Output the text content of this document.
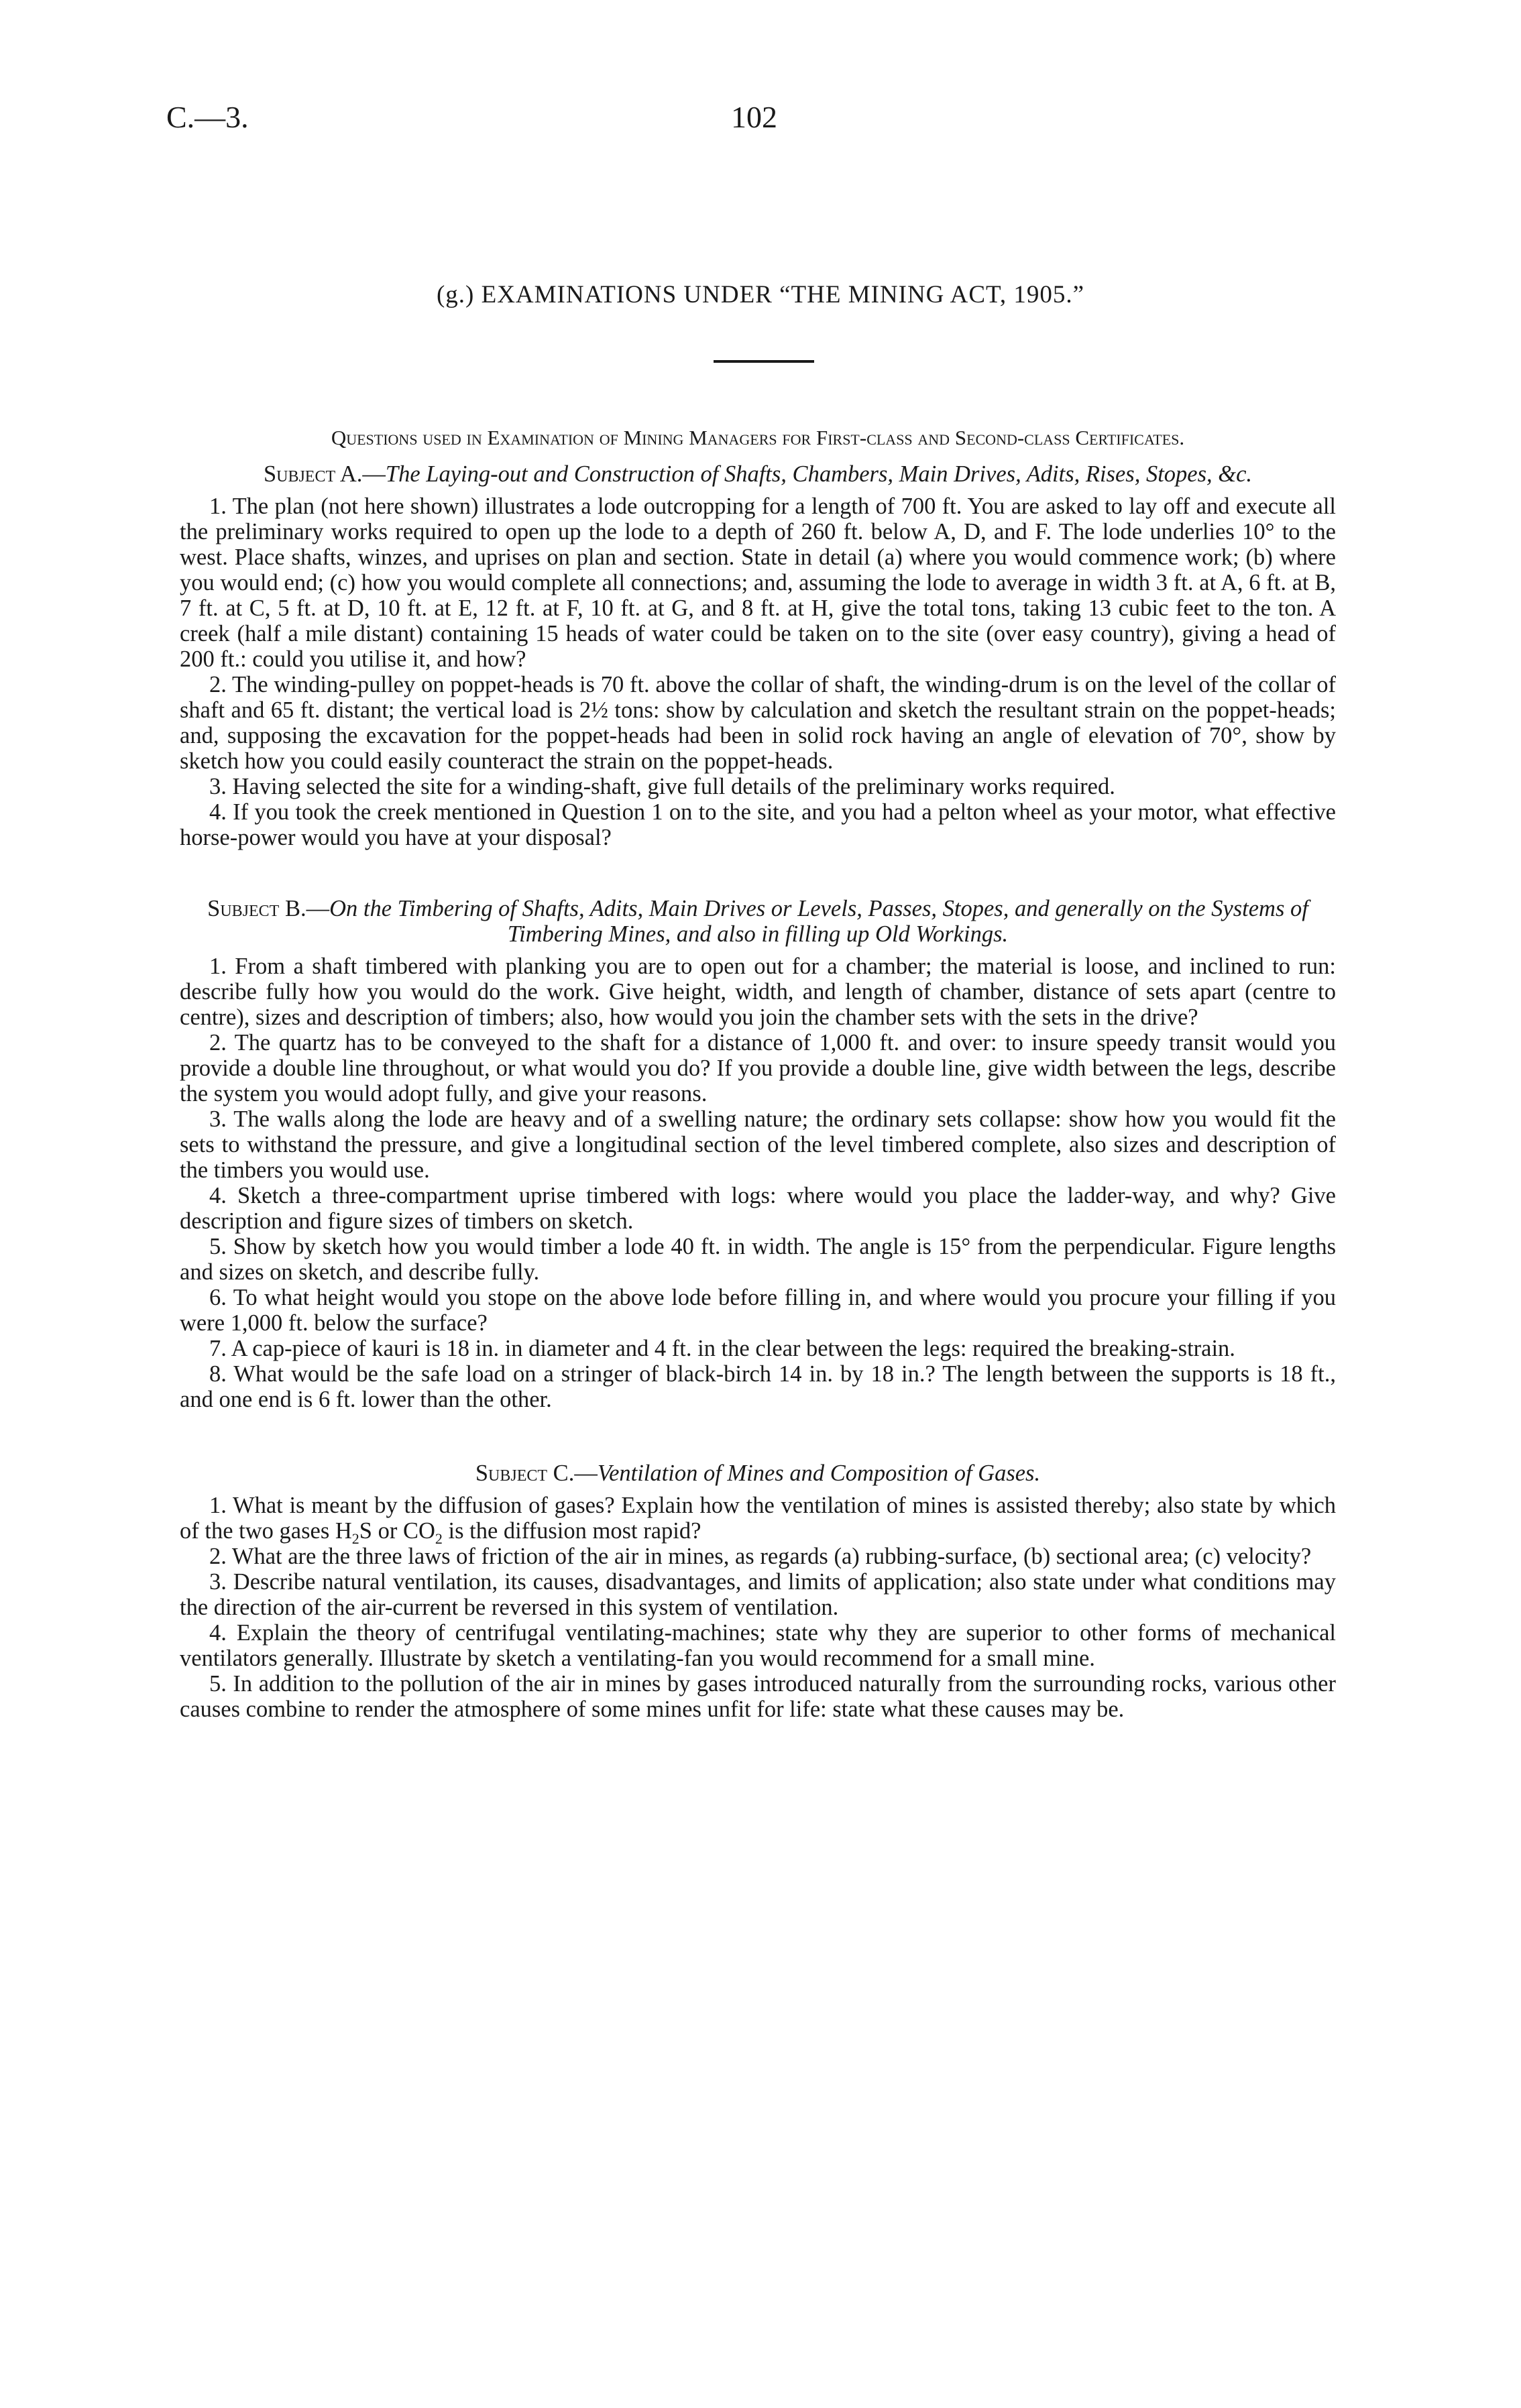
C.—3.	102
(g.) EXAMINATIONS UNDER “THE MINING ACT, 1905.”
Questions used in Examination of Mining Managers for First-class and Second-class Certificates.
Subject A.—The Laying-out and Construction of Shafts, Chambers, Main Drives, Adits, Rises, Stopes, &c.

1. The plan (not here shown) illustrates a lode outcropping for a length of 700 ft. You are asked to lay off and execute all the preliminary works required to open up the lode to a depth of 260 ft. below A, D, and F. The lode underlies 10° to the west. Place shafts, winzes, and uprises on plan and section. State in detail (a) where you would commence work; (b) where you would end; (c) how you would complete all connections; and, assuming the lode to average in width 3 ft. at A, 6 ft. at B, 7 ft. at C, 5 ft. at D, 10 ft. at E, 12 ft. at F, 10 ft. at G, and 8 ft. at H, give the total tons, taking 13 cubic feet to the ton. A creek (half a mile distant) containing 15 heads of water could be taken on to the site (over easy country), giving a head of 200 ft.: could you utilise it, and how?

2. The winding-pulley on poppet-heads is 70 ft. above the collar of shaft, the winding-drum is on the level of the collar of shaft and 65 ft. distant; the vertical load is 2½ tons: show by calculation and sketch the resultant strain on the poppet-heads; and, supposing the excavation for the poppet-heads had been in solid rock having an angle of elevation of 70°, show by sketch how you could easily counteract the strain on the poppet-heads.

3. Having selected the site for a winding-shaft, give full details of the preliminary works required.

4. If you took the creek mentioned in Question 1 on to the site, and you had a pelton wheel as your motor, what effective horse-power would you have at your disposal?

Subject B.—On the Timbering of Shafts, Adits, Main Drives or Levels, Passes, Stopes, and generally on the Systems of Timbering Mines, and also in filling up Old Workings.

1. From a shaft timbered with planking you are to open out for a chamber; the material is loose, and inclined to run: describe fully how you would do the work. Give height, width, and length of chamber, distance of sets apart (centre to centre), sizes and description of timbers; also, how would you join the chamber sets with the sets in the drive?

2. The quartz has to be conveyed to the shaft for a distance of 1,000 ft. and over: to insure speedy transit would you provide a double line throughout, or what would you do? If you provide a double line, give width between the legs, describe the system you would adopt fully, and give your reasons.

3. The walls along the lode are heavy and of a swelling nature; the ordinary sets collapse: show how you would fit the sets to withstand the pressure, and give a longitudinal section of the level timbered complete, also sizes and description of the timbers you would use.

4. Sketch a three-compartment uprise timbered with logs: where would you place the ladder-way, and why? Give description and figure sizes of timbers on sketch.

5. Show by sketch how you would timber a lode 40 ft. in width. The angle is 15° from the perpendicular. Figure lengths and sizes on sketch, and describe fully.

6. To what height would you stope on the above lode before filling in, and where would you procure your filling if you were 1,000 ft. below the surface?

7. A cap-piece of kauri is 18 in. in diameter and 4 ft. in the clear between the legs: required the breaking-strain.

8. What would be the safe load on a stringer of black-birch 14 in. by 18 in.? The length between the supports is 18 ft., and one end is 6 ft. lower than the other.

Subject C.—Ventilation of Mines and Composition of Gases.

1. What is meant by the diffusion of gases? Explain how the ventilation of mines is assisted thereby; also state by which of the two gases $H_2S$ or $CO_2$ is the diffusion most rapid?

2. What are the three laws of friction of the air in mines, as regards (a) rubbing-surface, (b) sectional area; (c) velocity?

3. Describe natural ventilation, its causes, disadvantages, and limits of application; also state under what conditions may the direction of the air-current be reversed in this system of ventilation.

4. Explain the theory of centrifugal ventilating-machines; state why they are superior to other forms of mechanical ventilators generally. Illustrate by sketch a ventilating-fan you would recommend for a small mine.

5. In addition to the pollution of the air in mines by gases introduced naturally from the surrounding rocks, various other causes combine to render the atmosphere of some mines unfit for life: state what these causes may be.
